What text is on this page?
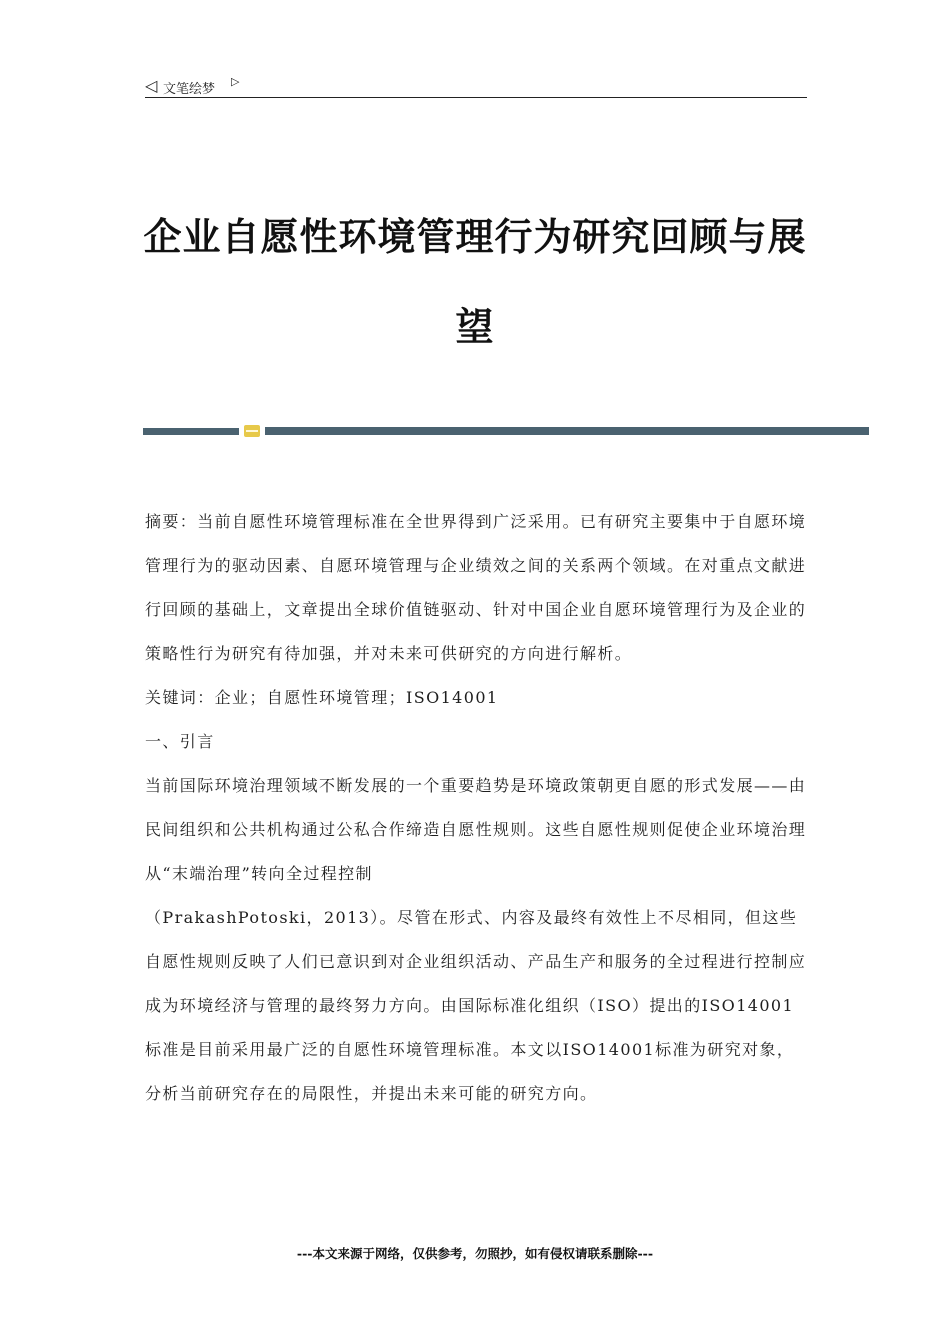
◁ 文笔绘梦
▷
企业自愿性环境管理行为研究回顾与展望

摘要：当前自愿性环境管理标准在全世界得到广泛采用。已有研究主要集中于自愿环境管理行为的驱动因素、自愿环境管理与企业绩效之间的关系两个领域。在对重点文献进行回顾的基础上，文章提出全球价值链驱动、针对中国企业自愿环境管理行为及企业的策略性行为研究有待加强，并对未来可供研究的方向进行解析。

关键词：企业；自愿性环境管理；ISO14001

一、引言

当前国际环境治理领域不断发展的一个重要趋势是环境政策朝更自愿的形式发展——由民间组织和公共机构通过公私合作缔造自愿性规则。这些自愿性规则促使企业环境治理从“末端治理”转向全过程控制

（PrakashPotoski，2013）。尽管在形式、内容及最终有效性上不尽相同，但这些自愿性规则反映了人们已意识到对企业组织活动、产品生产和服务的全过程进行控制应成为环境经济与管理的最终努力方向。由国际标准化组织（ISO）提出的ISO14001标准是目前采用最广泛的自愿性环境管理标准。本文以ISO14001标准为研究对象，分析当前研究存在的局限性，并提出未来可能的研究方向。

---本文来源于网络，仅供参考，勿照抄，如有侵权请联系删除---
